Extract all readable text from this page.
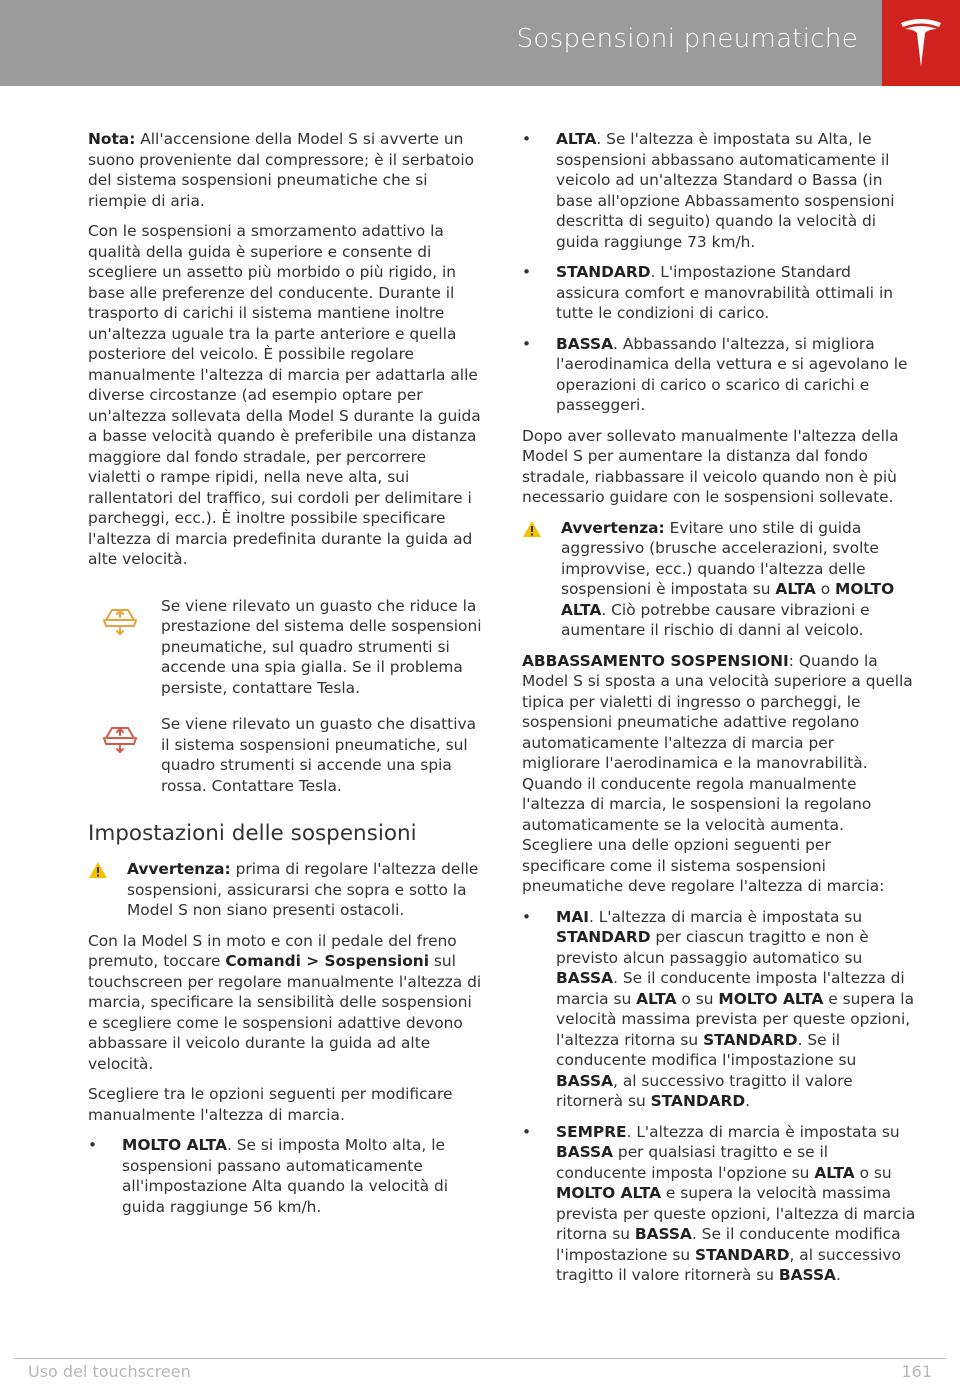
Sospensioni pneumatiche

Nota: All'accensione della Model S si avverte un suono proveniente dal compressore; è il serbatoio del sistema sospensioni pneumatiche che si riempie di aria.

Con le sospensioni a smorzamento adattivo la qualità della guida è superiore e consente di scegliere un assetto più morbido o più rigido, in base alle preferenze del conducente. Durante il trasporto di carichi il sistema mantiene inoltre un'altezza uguale tra la parte anteriore e quella posteriore del veicolo. È possibile regolare manualmente l'altezza di marcia per adattarla alle diverse circostanze (ad esempio optare per un'altezza sollevata della Model S durante la guida a basse velocità quando è preferibile una distanza maggiore dal fondo stradale, per percorrere vialetti o rampe ripidi, nella neve alta, sui rallentatori del traffico, sui cordoli per delimitare i parcheggi, ecc.). È inoltre possibile specificare l'altezza di marcia predefinita durante la guida ad alte velocità.

Se viene rilevato un guasto che riduce la prestazione del sistema delle sospensioni pneumatiche, sul quadro strumenti si accende una spia gialla. Se il problema persiste, contattare Tesla.
Se viene rilevato un guasto che disattiva il sistema sospensioni pneumatiche, sul quadro strumenti si accende una spia rossa. Contattare Tesla.
Impostazioni delle sospensioni
Avvertenza: prima di regolare l'altezza delle sospensioni, assicurarsi che sopra e sotto la Model S non siano presenti ostacoli.

Con la Model S in moto e con il pedale del freno premuto, toccare Comandi > Sospensioni sul touchscreen per regolare manualmente l'altezza di marcia, specificare la sensibilità delle sospensioni e scegliere come le sospensioni adattive devono abbassare il veicolo durante la guida ad alte velocità.

Scegliere tra le opzioni seguenti per modificare manualmente l'altezza di marcia.

• MOLTO ALTA. Se si imposta Molto alta, le sospensioni passano automaticamente all'impostazione Alta quando la velocità di guida raggiunge 56 km/h.
• ALTA. Se l'altezza è impostata su Alta, le sospensioni abbassano automaticamente il veicolo ad un'altezza Standard o Bassa (in base all'opzione Abbassamento sospensioni descritta di seguito) quando la velocità di guida raggiunge 73 km/h.
• STANDARD. L'impostazione Standard assicura comfort e manovrabilità ottimali in tutte le condizioni di carico.
• BASSA. Abbassando l'altezza, si migliora l'aerodinamica della vettura e si agevolano le operazioni di carico o scarico di carichi e passeggeri.

Dopo aver sollevato manualmente l'altezza della Model S per aumentare la distanza dal fondo stradale, riabbassare il veicolo quando non è più necessario guidare con le sospensioni sollevate.

Avvertenza: Evitare uno stile di guida aggressivo (brusche accelerazioni, svolte improvvise, ecc.) quando l'altezza delle sospensioni è impostata su ALTA o MOLTO ALTA. Ciò potrebbe causare vibrazioni e aumentare il rischio di danni al veicolo.

ABBASSAMENTO SOSPENSIONI: Quando la Model S si sposta a una velocità superiore a quella tipica per vialetti di ingresso o parcheggi, le sospensioni pneumatiche adattive regolano automaticamente l'altezza di marcia per migliorare l'aerodinamica e la manovrabilità. Quando il conducente regola manualmente l'altezza di marcia, le sospensioni la regolano automaticamente se la velocità aumenta. Scegliere una delle opzioni seguenti per specificare come il sistema sospensioni pneumatiche deve regolare l'altezza di marcia:

• MAI. L'altezza di marcia è impostata su STANDARD per ciascun tragitto e non è previsto alcun passaggio automatico su BASSA. Se il conducente imposta l'altezza di marcia su ALTA o su MOLTO ALTA e supera la velocità massima prevista per queste opzioni, l'altezza ritorna su STANDARD. Se il conducente modifica l'impostazione su BASSA, al successivo tragitto il valore ritornerà su STANDARD.
• SEMPRE. L'altezza di marcia è impostata su BASSA per qualsiasi tragitto e se il conducente imposta l'opzione su ALTA o su MOLTO ALTA e supera la velocità massima prevista per queste opzioni, l'altezza di marcia ritorna su BASSA. Se il conducente modifica l'impostazione su STANDARD, al successivo tragitto il valore ritornerà su BASSA.
Uso del touchscreen	161
